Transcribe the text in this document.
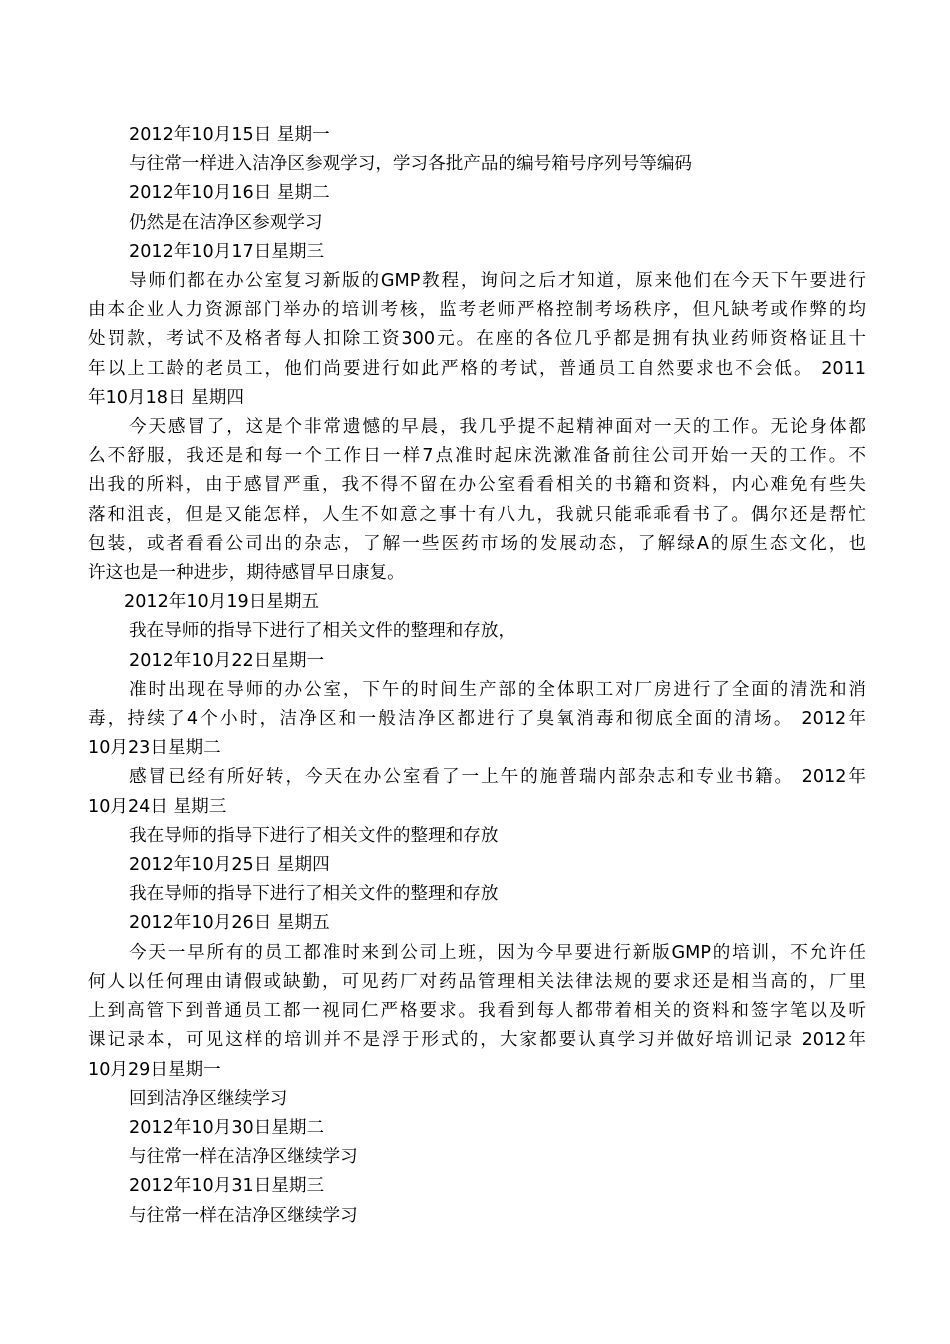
2012年10月15日 星期一
与往常一样进入洁净区参观学习，学习各批产品的编号箱号序列号等编码
2012年10月16日 星期二
仍然是在洁净区参观学习
2012年10月17日星期三
导师们都在办公室复习新版的GMP教程，询问之后才知道，原来他们在今天下午要进行
由本企业人力资源部门举办的培训考核，监考老师严格控制考场秩序，但凡缺考或作弊的均
处罚款，考试不及格者每人扣除工资300元。在座的各位几乎都是拥有执业药师资格证且十
年以上工龄的老员工，他们尚要进行如此严格的考试，普通员工自然要求也不会低。 2011
年10月18日 星期四
今天感冒了，这是个非常遗憾的早晨，我几乎提不起精神面对一天的工作。无论身体都
么不舒服，我还是和每一个工作日一样7点准时起床洗漱准备前往公司开始一天的工作。不
出我的所料，由于感冒严重，我不得不留在办公室看看相关的书籍和资料，内心难免有些失
落和沮丧，但是又能怎样，人生不如意之事十有八九，我就只能乖乖看书了。偶尔还是帮忙
包装，或者看看公司出的杂志，了解一些医药市场的发展动态，了解绿A的原生态文化，也
许这也是一种进步，期待感冒早日康复。
2012年10月19日星期五
我在导师的指导下进行了相关文件的整理和存放，
2012年10月22日星期一
准时出现在导师的办公室，下午的时间生产部的全体职工对厂房进行了全面的清洗和消
毒，持续了4个小时，洁净区和一般洁净区都进行了臭氧消毒和彻底全面的清场。 2012年
10月23日星期二
感冒已经有所好转，今天在办公室看了一上午的施普瑞内部杂志和专业书籍。 2012年
10月24日 星期三
我在导师的指导下进行了相关文件的整理和存放
2012年10月25日 星期四
我在导师的指导下进行了相关文件的整理和存放
2012年10月26日 星期五
今天一早所有的员工都准时来到公司上班，因为今早要进行新版GMP的培训，不允许任
何人以任何理由请假或缺勤，可见药厂对药品管理相关法律法规的要求还是相当高的，厂里
上到高管下到普通员工都一视同仁严格要求。我看到每人都带着相关的资料和签字笔以及听
课记录本，可见这样的培训并不是浮于形式的，大家都要认真学习并做好培训记录 2012年
10月29日星期一
回到洁净区继续学习
2012年10月30日星期二
与往常一样在洁净区继续学习
2012年10月31日星期三
与往常一样在洁净区继续学习
